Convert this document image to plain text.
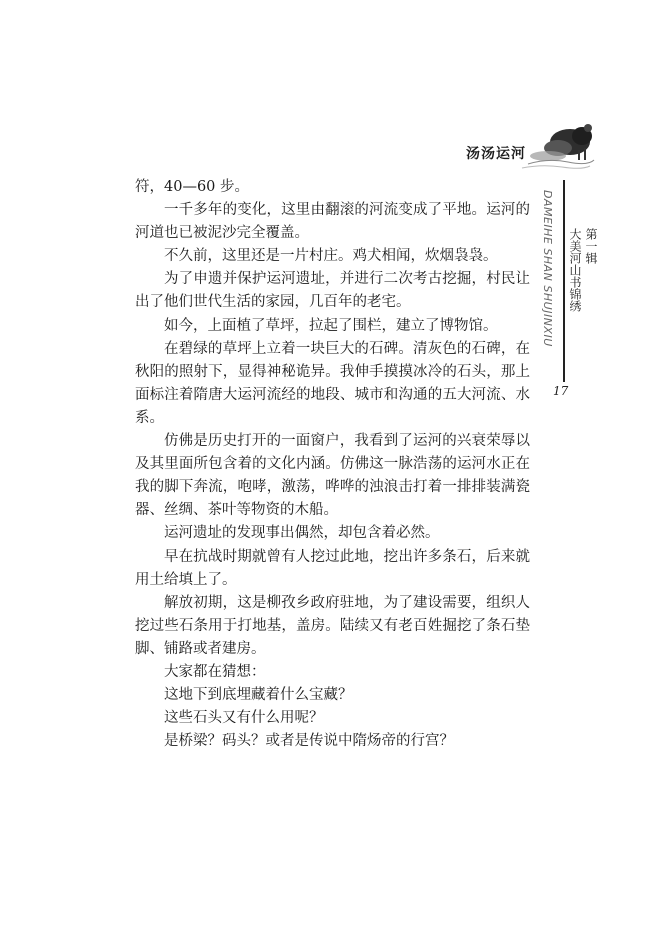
汤汤运河
DAMEIHE SHAN SHUJINXIU	第一辑
大美河山书锦绣
17

符，40—60 步。

一千多年的变化，这里由翻滚的河流变成了平地。运河的河道也已被泥沙完全覆盖。

不久前，这里还是一片村庄。鸡犬相闻，炊烟袅袅。

为了申遗并保护运河遗址，并进行二次考古挖掘，村民让出了他们世代生活的家园，几百年的老宅。

如今，上面植了草坪，拉起了围栏，建立了博物馆。

在碧绿的草坪上立着一块巨大的石碑。清灰色的石碑，在秋阳的照射下，显得神秘诡异。我伸手摸摸冰冷的石头，那上面标注着隋唐大运河流经的地段、城市和沟通的五大河流、水系。

仿佛是历史打开的一面窗户，我看到了运河的兴衰荣辱以及其里面所包含着的文化内涵。仿佛这一脉浩荡的运河水正在我的脚下奔流，咆哮，激荡，哗哗的浊浪击打着一排排装满瓷器、丝绸、茶叶等物资的木船。

运河遗址的发现事出偶然，却包含着必然。

早在抗战时期就曾有人挖过此地，挖出许多条石，后来就用土给填上了。

解放初期，这是柳孜乡政府驻地，为了建设需要，组织人挖过些石条用于打地基，盖房。陆续又有老百姓掘挖了条石垫脚、铺路或者建房。

大家都在猜想：

这地下到底埋藏着什么宝藏？

这些石头又有什么用呢？

是桥梁？码头？或者是传说中隋炀帝的行宫？
